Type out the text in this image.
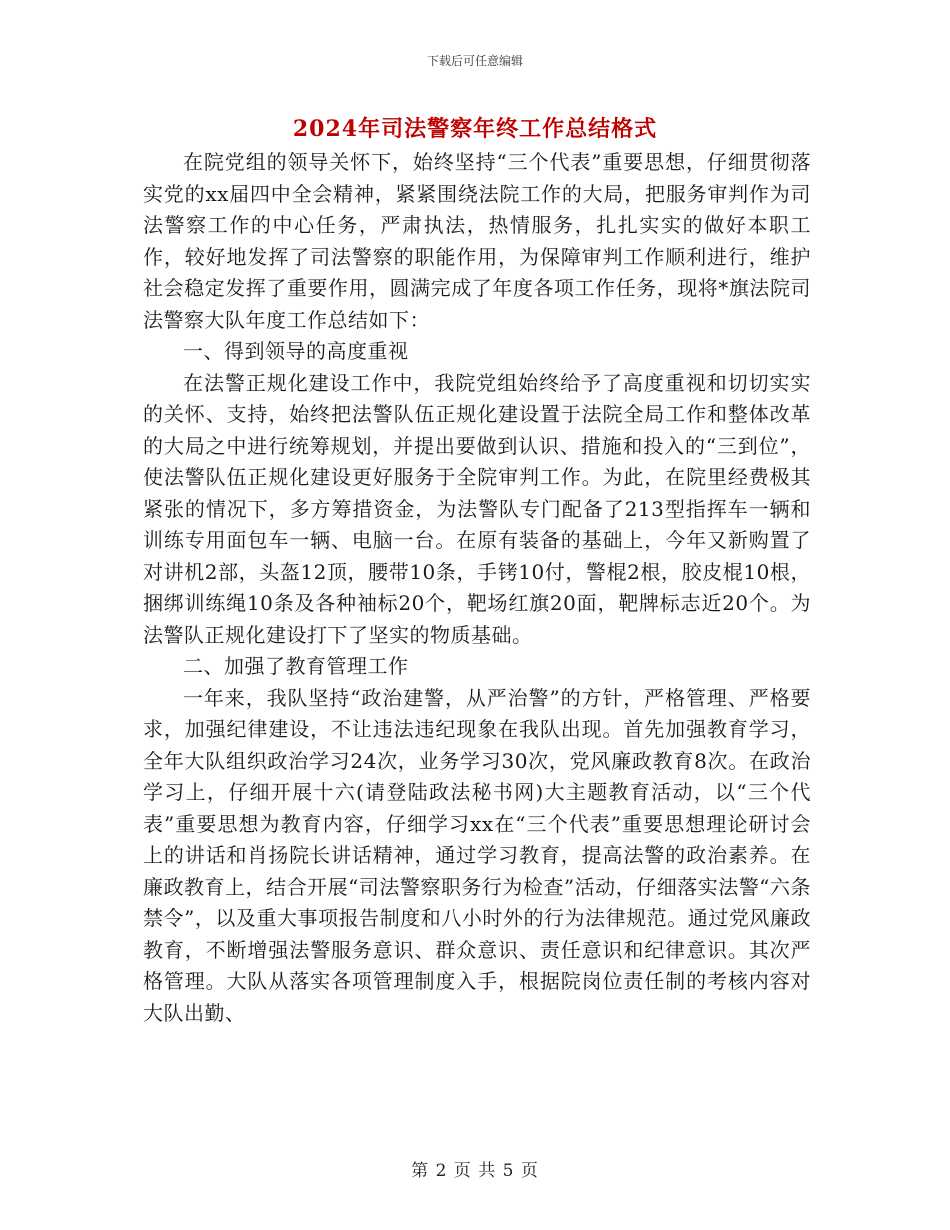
下载后可任意编辑
2024年司法警察年终工作总结格式

在院党组的领导关怀下，始终坚持“三个代表”重要思想，仔细贯彻落实党的xx届四中全会精神，紧紧围绕法院工作的大局，把服务审判作为司法警察工作的中心任务，严肃执法，热情服务，扎扎实实的做好本职工作，较好地发挥了司法警察的职能作用，为保障审判工作顺利进行，维护社会稳定发挥了重要作用，圆满完成了年度各项工作任务，现将*旗法院司法警察大队年度工作总结如下：

一、得到领导的高度重视

在法警正规化建设工作中，我院党组始终给予了高度重视和切切实实的关怀、支持，始终把法警队伍正规化建设置于法院全局工作和整体改革的大局之中进行统筹规划，并提出要做到认识、措施和投入的“三到位”，使法警队伍正规化建设更好服务于全院审判工作。为此，在院里经费极其紧张的情况下，多方筹措资金，为法警队专门配备了213型指挥车一辆和训练专用面包车一辆、电脑一台。在原有装备的基础上，今年又新购置了对讲机2部，头盔12顶，腰带10条，手铐10付，警棍2根，胶皮棍10根，捆绑训练绳10条及各种袖标20个，靶场红旗20面，靶牌标志近20个。为法警队正规化建设打下了坚实的物质基础。

二、加强了教育管理工作

一年来，我队坚持“政治建警，从严治警”的方针，严格管理、严格要求，加强纪律建设，不让违法违纪现象在我队出现。首先加强教育学习，全年大队组织政治学习24次，业务学习30次，党风廉政教育8次。在政治学习上，仔细开展十六(请登陆政法秘书网)大主题教育活动，以“三个代表”重要思想为教育内容，仔细学习xx在“三个代表”重要思想理论研讨会上的讲话和肖扬院长讲话精神，通过学习教育，提高法警的政治素养。在廉政教育上，结合开展“司法警察职务行为检查”活动，仔细落实法警“六条禁令”，以及重大事项报告制度和八小时外的行为法律规范。通过党风廉政教育，不断增强法警服务意识、群众意识、责任意识和纪律意识。其次严格管理。大队从落实各项管理制度入手，根据院岗位责任制的考核内容对大队出勤、

第 2 页 共 5 页
